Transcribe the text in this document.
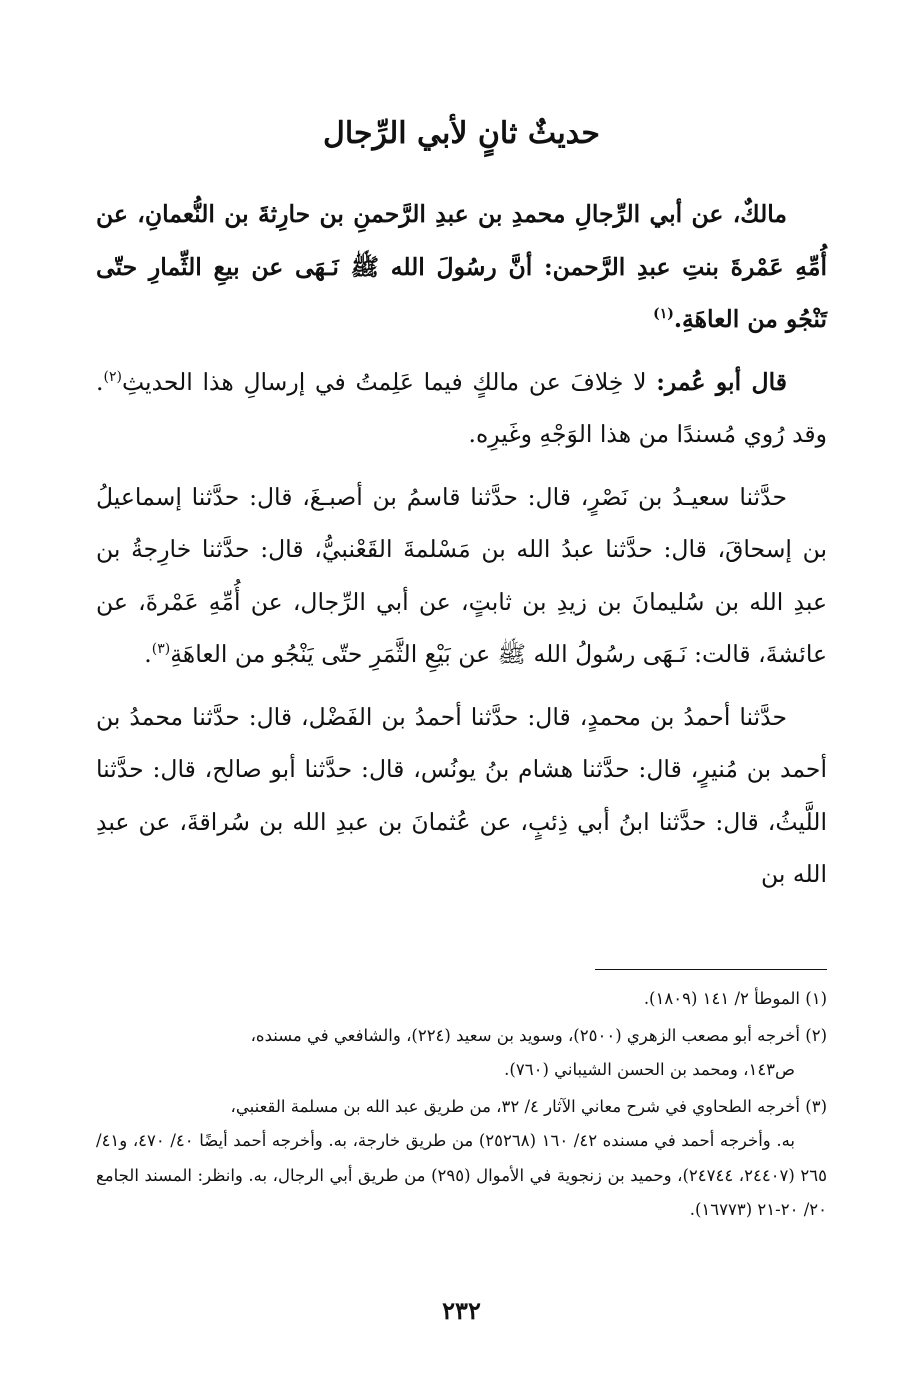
حديثٌ ثانٍ لأبي الرِّجال

مالكٌ، عن أبي الرِّجالِ محمدِ بن عبدِ الرَّحمنِ بن حارِثةَ بن النُّعمانِ، عن أُمِّهِ عَمْرةَ بنتِ عبدِ الرَّحمن: أنَّ رسُولَ الله ﷺ نَـهَى عن بيعِ الثِّمارِ حتّى تَنْجُو من العاهَةِ.$^{(١)}$

قال أبو عُمر: لا خِلافَ عن مالكٍ فيما عَلِمتُ في إرسالِ هذا الحديثِ$^{(٢)}$. وقد رُوي مُسندًا من هذا الوَجْهِ وغَيرِه.

حدَّثنا سعيـدُ بن نَصْرٍ، قال: حدَّثنا قاسمُ بن أصبـغَ، قال: حدَّثنا إسماعيلُ بن إسحاقَ، قال: حدَّثنا عبدُ الله بن مَسْلمةَ القَعْنبيُّ، قال: حدَّثنا خارِجةُ بن عبدِ الله بن سُليمانَ بن زيدِ بن ثابتٍ، عن أبي الرِّجال، عن أُمِّهِ عَمْرةَ، عن عائشةَ، قالت: نَـهَى رسُولُ الله ﷺ عن بَيْعِ الثَّمَرِ حتّى يَنْجُو من العاهَةِ$^{(٣)}$.

حدَّثنا أحمدُ بن محمدٍ، قال: حدَّثنا أحمدُ بن الفَضْل، قال: حدَّثنا محمدُ بن أحمد بن مُنيرٍ، قال: حدَّثنا هشام بنُ يونُس، قال: حدَّثنا أبو صالح، قال: حدَّثنا اللَّيثُ، قال: حدَّثنا ابنُ أبي ذِئبٍ، عن عُثمانَ بن عبدِ الله بن سُراقةَ، عن عبدِ الله بن

(١) الموطأ ٢/ ١٤١ (١٨٠٩).

(٢) أخرجه أبو مصعب الزهري (٢٥٠٠)، وسويد بن سعيد (٢٢٤)، والشافعي في مسنده،
ص١٤٣، ومحمد بن الحسن الشيباني (٧٦٠).

(٣) أخرجه الطحاوي في شرح معاني الآثار ٤/ ٣٢، من طريق عبد الله بن مسلمة القعنبي،
به. وأخرجه أحمد في مسنده ٤٢/ ١٦٠ (٢٥٢٦٨) من طريق خارجة، به. وأخرجه أحمد أيضًا ٤٠/ ٤٧٠، و٤١/ ٢٦٥ (٢٤٤٠٧، ٢٤٧٤٤)، وحميد بن زنجوية في الأموال (٢٩٥) من طريق أبي الرجال، به. وانظر: المسند الجامع ٢٠/ ٢٠-٢١ (١٦٧٧٣).

٢٣٢
